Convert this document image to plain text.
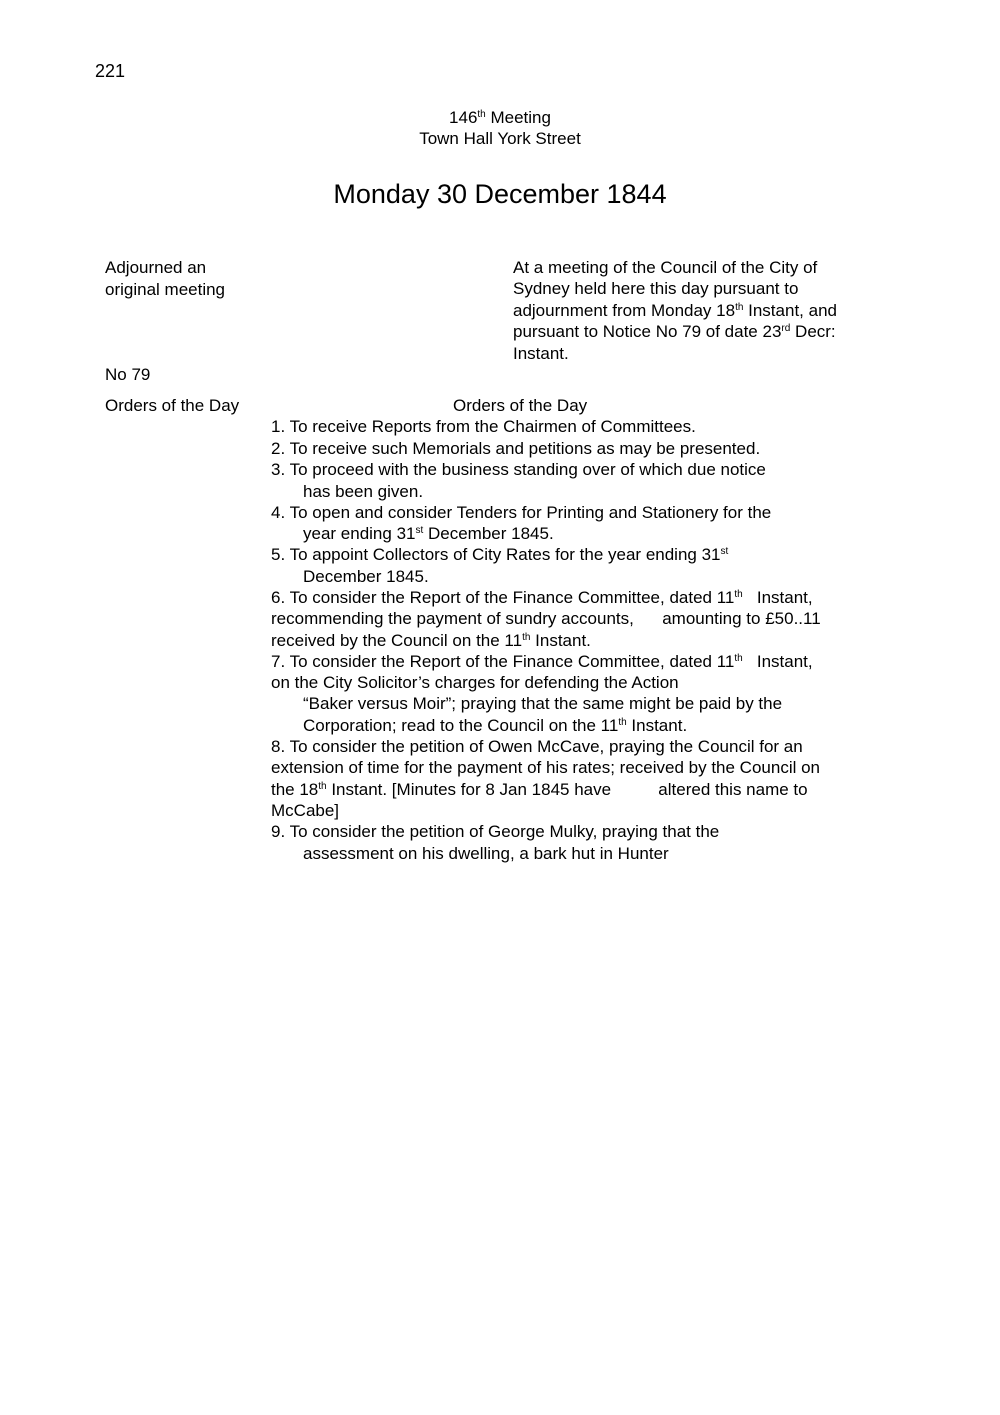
221
146th Meeting
Town Hall York Street
Monday 30 December 1844
Adjourned an
original meeting
No 79
Orders of the Day
At a meeting of the Council of the City of
Sydney held here this day pursuant to
adjournment from Monday 18th Instant, and
pursuant to Notice No 79 of date 23rd Decr:
Instant.
Orders of the Day
1. To receive Reports from the Chairmen of Committees.
2. To receive such Memorials and petitions as may be presented.
3. To proceed with the business standing over of which due notice
has been given.
4. To open and consider Tenders for Printing and Stationery for the
year ending 31st December 1845.
5. To appoint Collectors of City Rates for the year ending 31st
December 1845.
6. To consider the Report of the Finance Committee, dated 11th   Instant,
recommending the payment of sundry accounts,      amounting to £50..11
received by the Council on the 11th Instant.
7. To consider the Report of the Finance Committee, dated 11th   Instant,
on the City Solicitor’s charges for defending the Action
“Baker versus Moir”; praying that the same might be paid by the
Corporation; read to the Council on the 11th Instant.
8. To consider the petition of Owen McCave, praying the Council for an
extension of time for the payment of his rates; received by the Council on
the 18th Instant. [Minutes for 8 Jan 1845 have          altered this name to
McCabe]
9. To consider the petition of George Mulky, praying that the
assessment on his dwelling, a bark hut in Hunter
